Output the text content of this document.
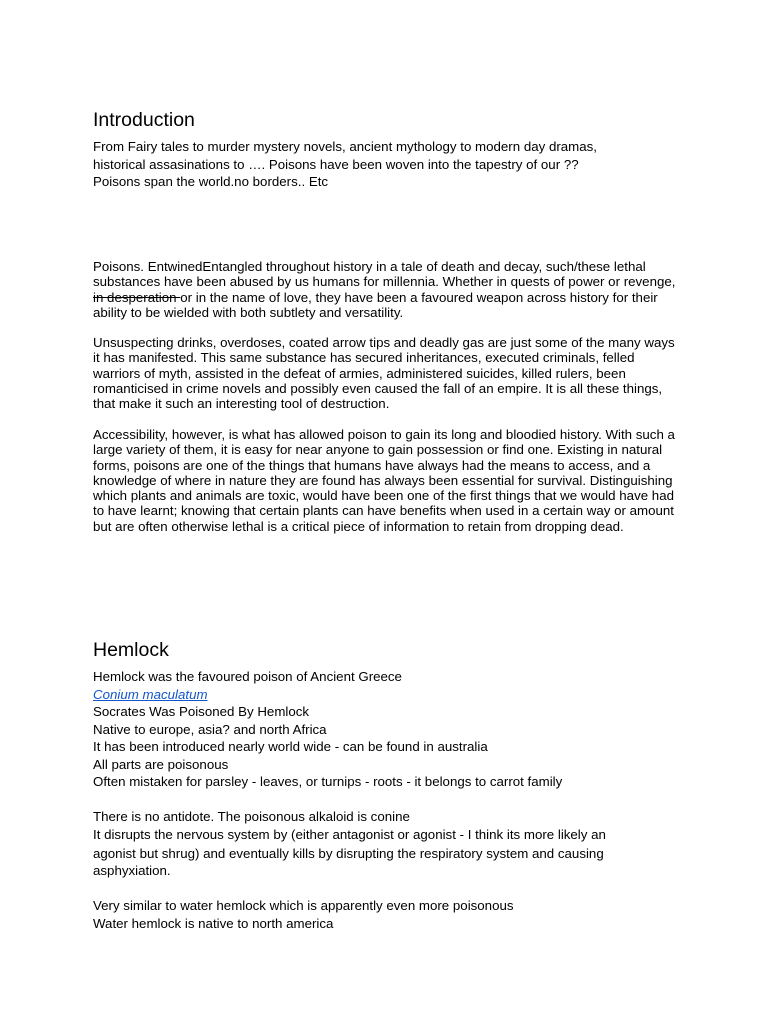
Introduction
From Fairy tales to murder mystery novels, ancient mythology to modern day dramas,
historical assasinations to …. Poisons have been woven into the tapestry of our ??
Poisons span the world.no borders.. Etc

Poisons. EntwinedEntangled throughout history in a tale of death and decay, such/these lethal substances have been abused by us humans for millennia. Whether in quests of power or revenge, in desperation or in the name of love, they have been a favoured weapon across history for their ability to be wielded with both subtlety and versatility.

Unsuspecting drinks, overdoses, coated arrow tips and deadly gas are just some of the many ways it has manifested. This same substance has secured inheritances, executed criminals, felled warriors of myth, assisted in the defeat of armies, administered suicides, killed rulers, been romanticised in crime novels and possibly even caused the fall of an empire. It is all these things, that make it such an interesting tool of destruction.

Accessibility, however, is what has allowed poison to gain its long and bloodied history. With such a large variety of them, it is easy for near anyone to gain possession or find one. Existing in natural forms, poisons are one of the things that humans have always had the means to access, and a knowledge of where in nature they are found has always been essential for survival. Distinguishing which plants and animals are toxic, would have been one of the first things that we would have had to have learnt; knowing that certain plants can have benefits when used in a certain way or amount but are often otherwise lethal is a critical piece of information to retain from dropping dead.

Hemlock
Hemlock was the favoured poison of Ancient Greece
Conium maculatum
Socrates Was Poisoned By Hemlock
Native to europe, asia? and north Africa
It has been introduced nearly world wide - can be found in australia
All parts are poisonous
Often mistaken for parsley - leaves, or turnips - roots - it belongs to carrot family
There is no antidote. The poisonous alkaloid is conine
It disrupts the nervous system by (either antagonist or agonist - I think its more likely an
agonist but shrug) and eventually kills by disrupting the respiratory system and causing
asphyxiation.
Very similar to water hemlock which is apparently even more poisonous
Water hemlock is native to north america
